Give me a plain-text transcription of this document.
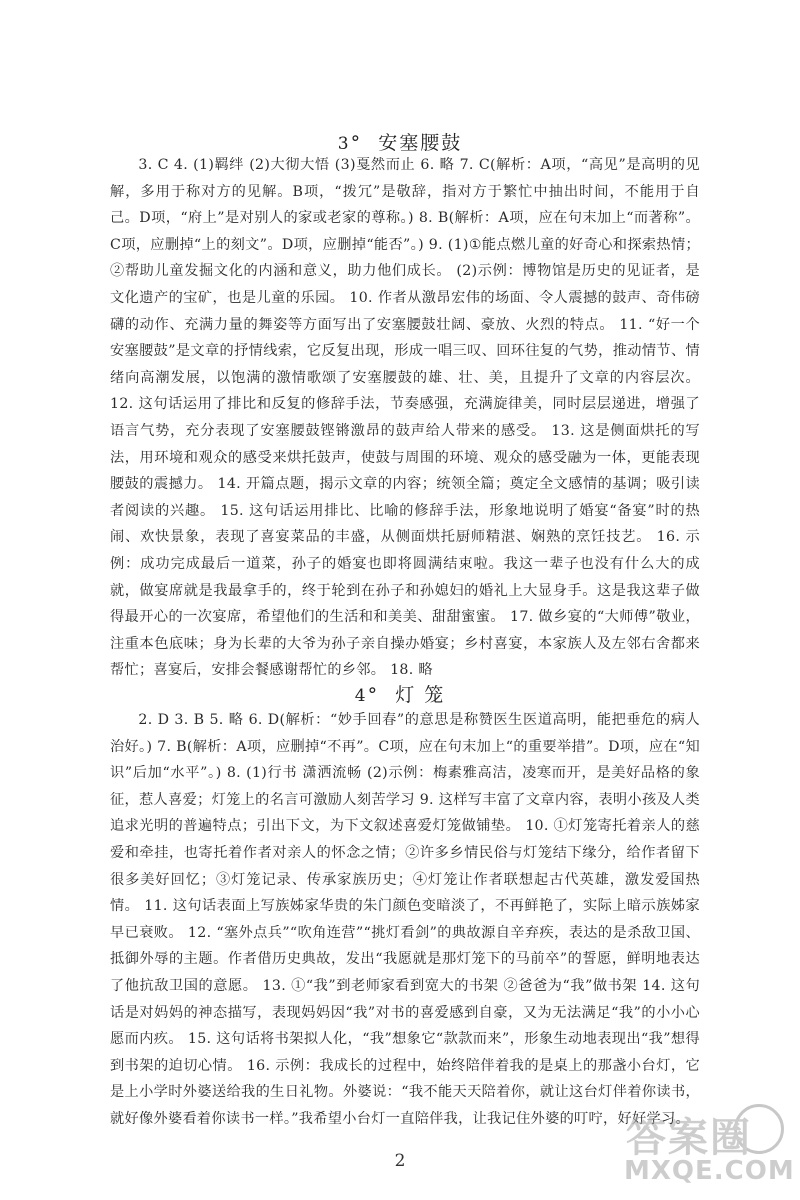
3°  安塞腰鼓
3. C 4. (1)羁绊 (2)大彻大悟 (3)戛然而止 6. 略 7. C(解析：A项，“高见”是高明的见解，多用于称对方的见解。B项，“拨冗”是敬辞，指对方于繁忙中抽出时间，不能用于自己。D项，“府上”是对别人的家或老家的尊称。) 8. B(解析：A项，应在句末加上“而著称”。C项，应删掉“上的刻文”。D项，应删掉“能否”。) 9. (1)①能点燃儿童的好奇心和探索热情；②帮助儿童发掘文化的内涵和意义，助力他们成长。 (2)示例：博物馆是历史的见证者，是文化遗产的宝矿，也是儿童的乐园。 10. 作者从激昂宏伟的场面、令人震撼的鼓声、奇伟磅礴的动作、充满力量的舞姿等方面写出了安塞腰鼓壮阔、豪放、火烈的特点。 11. “好一个安塞腰鼓”是文章的抒情线索，它反复出现，形成一唱三叹、回环往复的气势，推动情节、情绪向高潮发展，以饱满的激情歌颂了安塞腰鼓的雄、壮、美，且提升了文章的内容层次。 12. 这句话运用了排比和反复的修辞手法，节奏感强，充满旋律美，同时层层递进，增强了语言气势，充分表现了安塞腰鼓铿锵激昂的鼓声给人带来的感受。 13. 这是侧面烘托的写法，用环境和观众的感受来烘托鼓声，使鼓与周围的环境、观众的感受融为一体，更能表现腰鼓的震撼力。 14. 开篇点题，揭示文章的内容；统领全篇；奠定全文感情的基调；吸引读者阅读的兴趣。 15. 这句话运用排比、比喻的修辞手法，形象地说明了婚宴“备宴”时的热闹、欢快景象，表现了喜宴菜品的丰盛，从侧面烘托厨师精湛、娴熟的烹饪技艺。 16. 示例：成功完成最后一道菜，孙子的婚宴也即将圆满结束啦。我这一辈子也没有什么大的成就，做宴席就是我最拿手的，终于轮到在孙子和孙媳妇的婚礼上大显身手。这是我这辈子做得最开心的一次宴席，希望他们的生活和和美美、甜甜蜜蜜。 17. 做乡宴的“大师傅”敬业，注重本色底味；身为长辈的大爷为孙子亲自操办婚宴；乡村喜宴，本家族人及左邻右舍都来帮忙；喜宴后，安排会餐感谢帮忙的乡邻。 18. 略
4°  灯 笼
2. D 3. B 5. 略 6. D(解析：“妙手回春”的意思是称赞医生医道高明，能把垂危的病人治好。) 7. B(解析：A项，应删掉“不再”。C项，应在句末加上“的重要举措”。D项，应在“知识”后加“水平”。) 8. (1)行书 潇洒流畅 (2)示例：梅素雅高洁，凌寒而开，是美好品格的象征，惹人喜爱；灯笼上的名言可激励人刻苦学习 9. 这样写丰富了文章内容，表明小孩及人类追求光明的普遍特点；引出下文，为下文叙述喜爱灯笼做铺垫。 10. ①灯笼寄托着亲人的慈爱和牵挂，也寄托着作者对亲人的怀念之情；②许多乡情民俗与灯笼结下缘分，给作者留下很多美好回忆；③灯笼记录、传承家族历史；④灯笼让作者联想起古代英雄，激发爱国热情。 11. 这句话表面上写族姊家华贵的朱门颜色变暗淡了，不再鲜艳了，实际上暗示族姊家早已衰败。 12. “塞外点兵”“吹角连营”“挑灯看剑”的典故源自辛弃疾，表达的是杀敌卫国、抵御外辱的主题。作者借历史典故，发出“我愿就是那灯笼下的马前卒”的誓愿，鲜明地表达了他抗敌卫国的意愿。 13. ①“我”到老师家看到宽大的书架 ②爸爸为“我”做书架 14. 这句话是对妈妈的神态描写，表现妈妈因“我”对书的喜爱感到自豪，又为无法满足“我”的小小心愿而内疚。 15. 这句话将书架拟人化，“我”想象它“款款而来”，形象生动地表现出“我”想得到书架的迫切心情。 16. 示例：我成长的过程中，始终陪伴着我的是桌上的那盏小台灯，它是上小学时外婆送给我的生日礼物。外婆说：“我不能天天陪着你，就让这台灯伴着你读书，就好像外婆看着你读书一样。”我希望小台灯一直陪伴我，让我记住外婆的叮咛，好好学习。
2	答案圈
MXQE.COM
